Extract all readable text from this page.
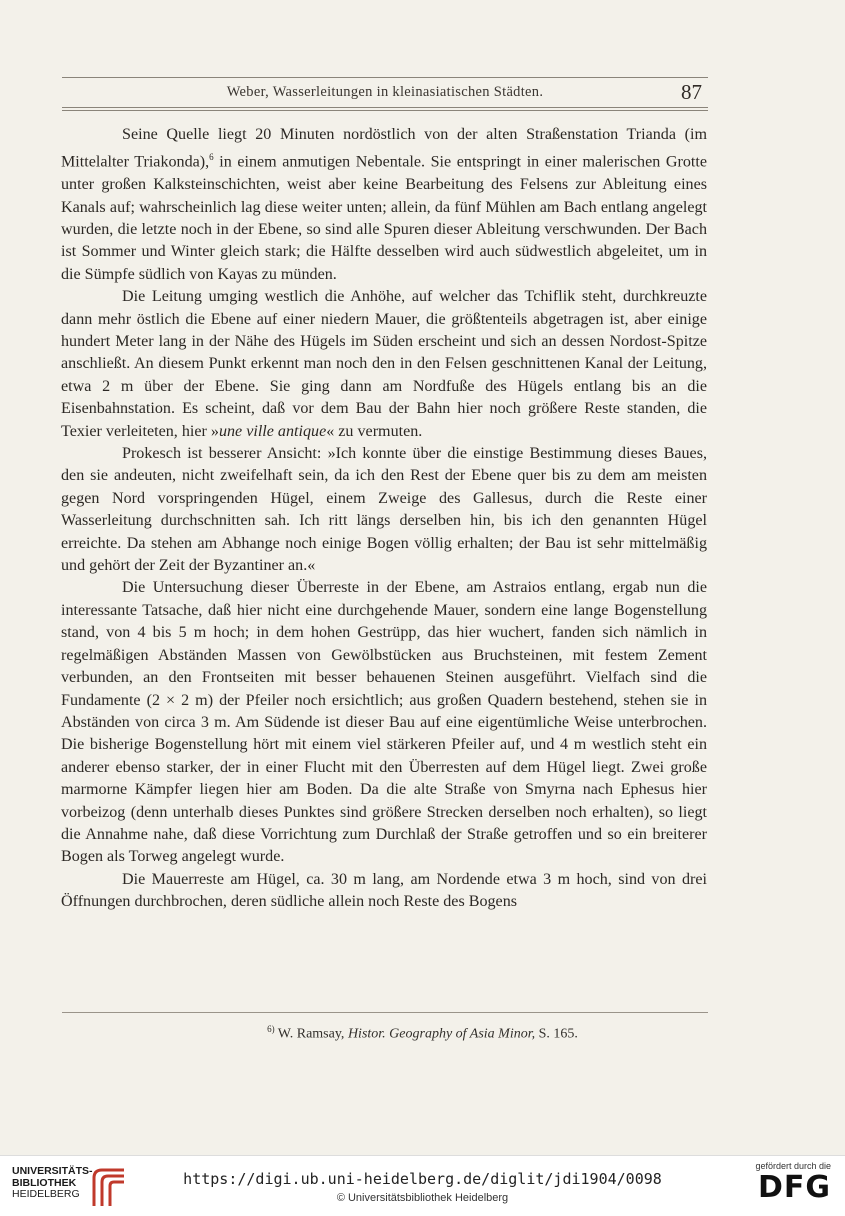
Weber, Wasserleitungen in kleinasiatischen Städten.	87

Seine Quelle liegt 20 Minuten nordöstlich von der alten Straßenstation Trianda (im Mittelalter Triakonda),$^6$ in einem anmutigen Nebentale. Sie entspringt in einer malerischen Grotte unter großen Kalksteinschichten, weist aber keine Bearbeitung des Felsens zur Ableitung eines Kanals auf; wahrscheinlich lag diese weiter unten; allein, da fünf Mühlen am Bach entlang angelegt wurden, die letzte noch in der Ebene, so sind alle Spuren dieser Ableitung verschwunden. Der Bach ist Sommer und Winter gleich stark; die Hälfte desselben wird auch südwestlich abgeleitet, um in die Sümpfe südlich von Kayas zu münden.

Die Leitung umging westlich die Anhöhe, auf welcher das Tchiflik steht, durchkreuzte dann mehr östlich die Ebene auf einer niedern Mauer, die größtenteils abgetragen ist, aber einige hundert Meter lang in der Nähe des Hügels im Süden erscheint und sich an dessen Nordost-Spitze anschließt. An diesem Punkt erkennt man noch den in den Felsen geschnittenen Kanal der Leitung, etwa 2 m über der Ebene. Sie ging dann am Nordfuße des Hügels entlang bis an die Eisenbahnstation. Es scheint, daß vor dem Bau der Bahn hier noch größere Reste standen, die Texier verleiteten, hier »une ville antique« zu vermuten.

Prokesch ist besserer Ansicht: »Ich konnte über die einstige Bestimmung dieses Baues, den sie andeuten, nicht zweifelhaft sein, da ich den Rest der Ebene quer bis zu dem am meisten gegen Nord vorspringenden Hügel, einem Zweige des Gallesus, durch die Reste einer Wasserleitung durchschnitten sah. Ich ritt längs derselben hin, bis ich den genannten Hügel erreichte. Da stehen am Abhange noch einige Bogen völlig erhalten; der Bau ist sehr mittelmäßig und gehört der Zeit der Byzantiner an.«

Die Untersuchung dieser Überreste in der Ebene, am Astraios entlang, ergab nun die interessante Tatsache, daß hier nicht eine durchgehende Mauer, sondern eine lange Bogenstellung stand, von 4 bis 5 m hoch; in dem hohen Gestrüpp, das hier wuchert, fanden sich nämlich in regelmäßigen Abständen Massen von Gewölbstücken aus Bruchsteinen, mit festem Zement verbunden, an den Frontseiten mit besser behauenen Steinen ausgeführt. Vielfach sind die Fundamente (2 × 2 m) der Pfeiler noch ersichtlich; aus großen Quadern bestehend, stehen sie in Abständen von circa 3 m. Am Südende ist dieser Bau auf eine eigentümliche Weise unterbrochen. Die bisherige Bogenstellung hört mit einem viel stärkeren Pfeiler auf, und 4 m westlich steht ein anderer ebenso starker, der in einer Flucht mit den Überresten auf dem Hügel liegt. Zwei große marmorne Kämpfer liegen hier am Boden. Da die alte Straße von Smyrna nach Ephesus hier vorbeizog (denn unterhalb dieses Punktes sind größere Strecken derselben noch erhalten), so liegt die Annahme nahe, daß diese Vorrichtung zum Durchlaß der Straße getroffen und so ein breiterer Bogen als Torweg angelegt wurde.

Die Mauerreste am Hügel, ca. 30 m lang, am Nordende etwa 3 m hoch, sind von drei Öffnungen durchbrochen, deren südliche allein noch Reste des Bogens

$^{6)}$ W. Ramsay, Histor. Geography of Asia Minor, S. 165.
UNIVERSITÄTS-
BIBLIOTHEK
HEIDELBERG
https://digi.ub.uni-heidelberg.de/diglit/jdi1904/0098
© Universitätsbibliothek Heidelberg
gefördert durch die
DFG
